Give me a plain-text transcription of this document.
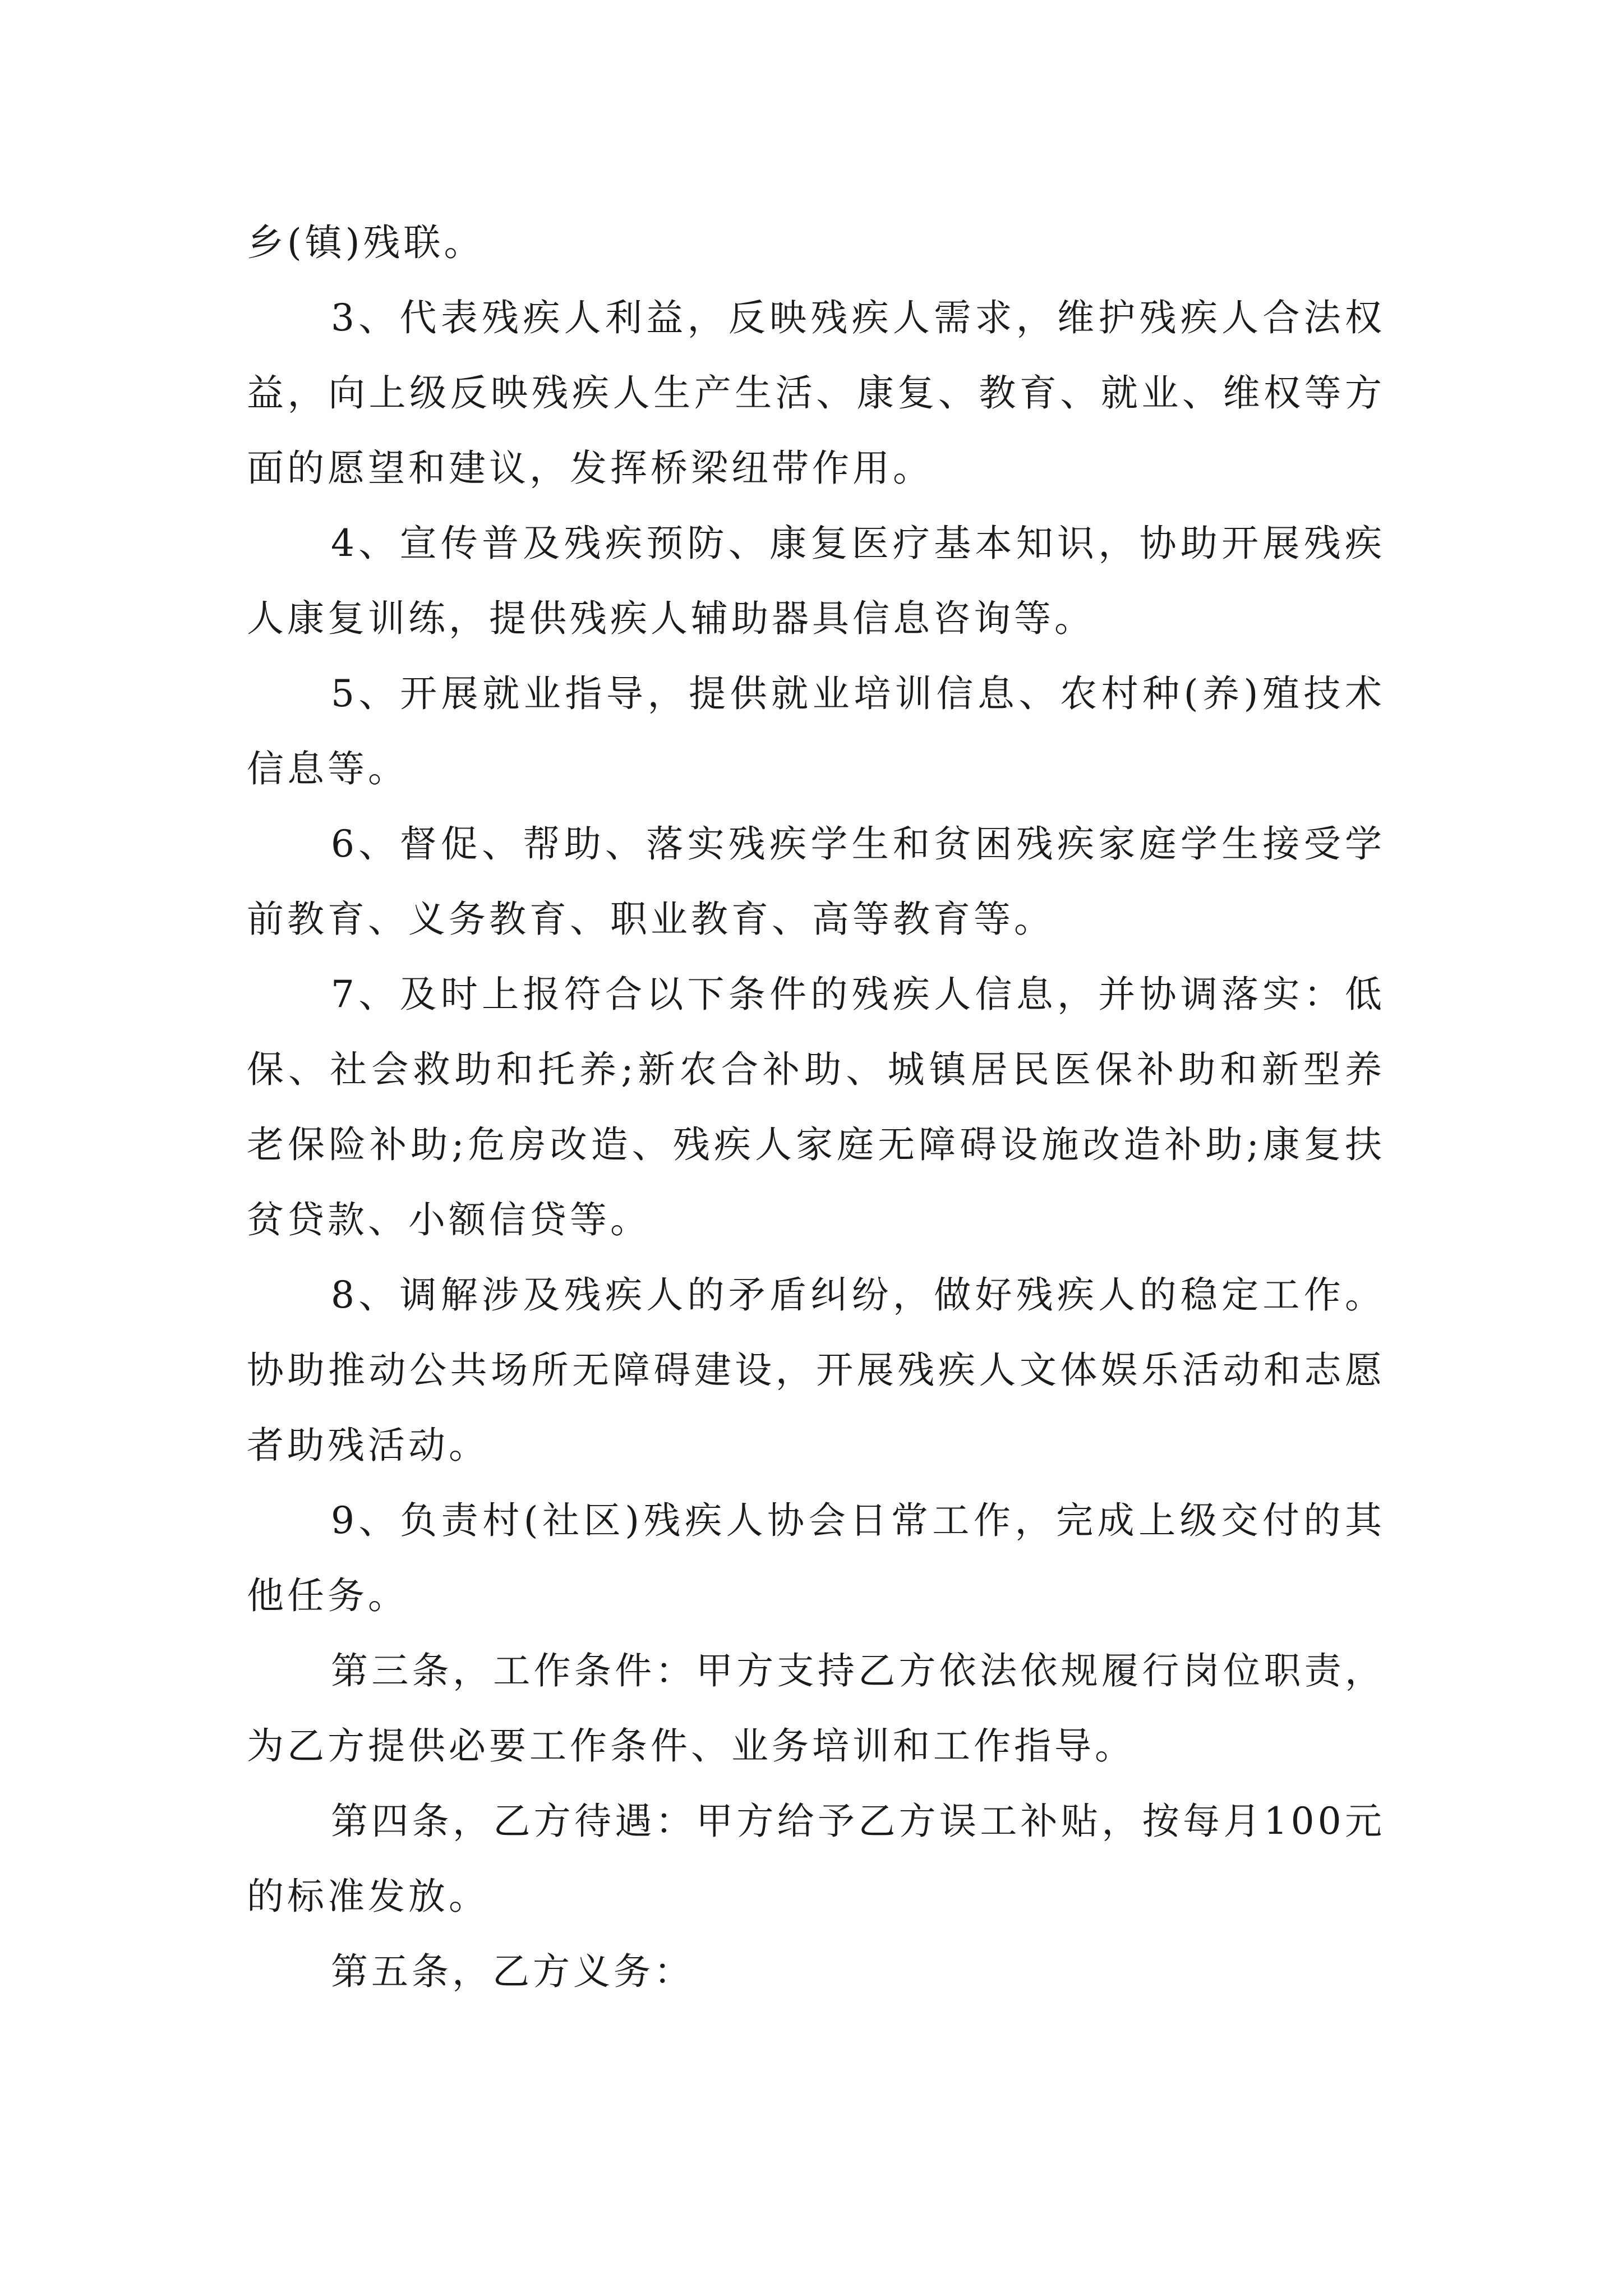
乡(镇)残联。

3、代表残疾人利益，反映残疾人需求，维护残疾人合法权益，向上级反映残疾人生产生活、康复、教育、就业、维权等方面的愿望和建议，发挥桥梁纽带作用。

4、宣传普及残疾预防、康复医疗基本知识，协助开展残疾人康复训练，提供残疾人辅助器具信息咨询等。

5、开展就业指导，提供就业培训信息、农村种(养)殖技术信息等。

6、督促、帮助、落实残疾学生和贫困残疾家庭学生接受学前教育、义务教育、职业教育、高等教育等。

7、及时上报符合以下条件的残疾人信息，并协调落实：低保、社会救助和托养;新农合补助、城镇居民医保补助和新型养老保险补助;危房改造、残疾人家庭无障碍设施改造补助;康复扶贫贷款、小额信贷等。

8、调解涉及残疾人的矛盾纠纷，做好残疾人的稳定工作。协助推动公共场所无障碍建设，开展残疾人文体娱乐活动和志愿者助残活动。

9、负责村(社区)残疾人协会日常工作，完成上级交付的其他任务。

第三条，工作条件：甲方支持乙方依法依规履行岗位职责，为乙方提供必要工作条件、业务培训和工作指导。

第四条，乙方待遇：甲方给予乙方误工补贴，按每月100元的标准发放。

第五条，乙方义务：
